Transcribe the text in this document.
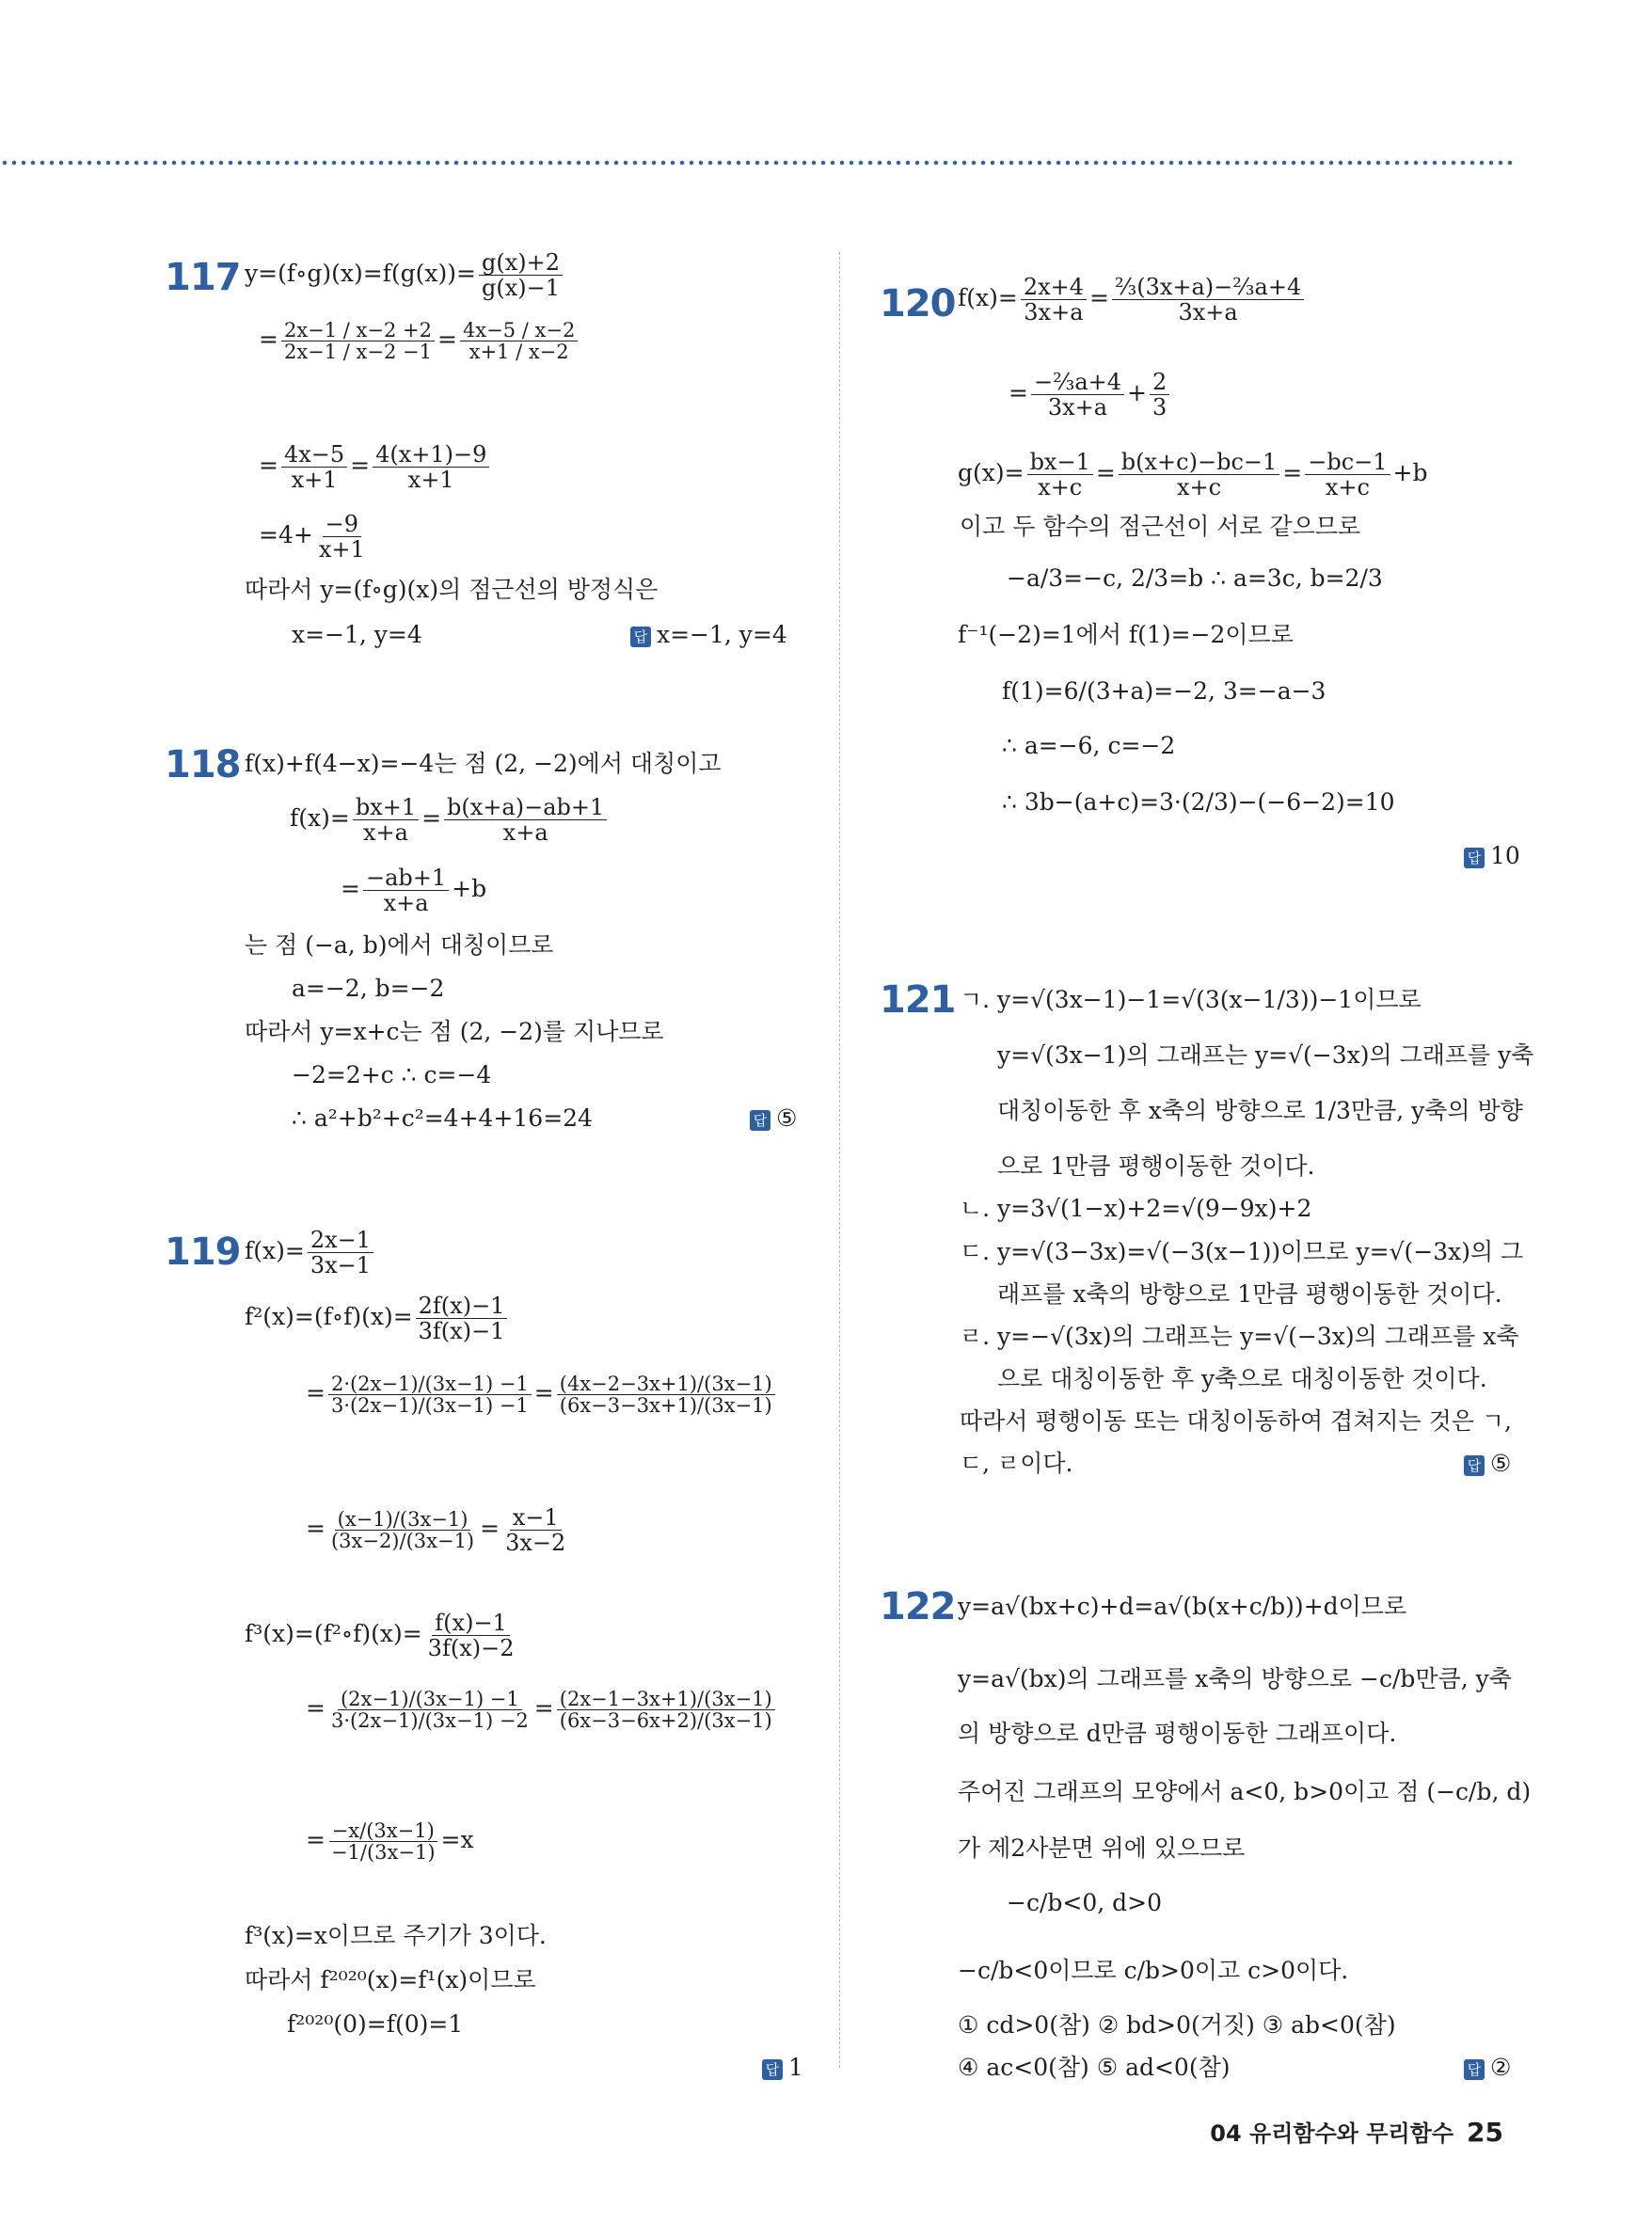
117 y=(f∘g)(x)=f(g(x))= $\frac{g(x)+2}{g(x)-1}$
= $\frac{2x-1 / x-2 +2}{2x-1 / x-2 -1} = \frac{4x-5 / x-2}{x+1 / x-2}$
= $\frac{4x-5}{x+1} = \frac{4(x+1)-9}{x+1}$
$=4+ \frac{-9}{x+1}$
따라서 y=(f∘g)(x)의 점근선의 방정식은
x=−1, y=4	답 x=−1, y=4
118 f(x)+f(4−x)=−4는 점 (2, −2)에서 대칭이고
$f(x)= \frac{bx+1}{x+a} = \frac{b(x+a)-ab+1}{x+a}$
= $\frac{-ab+1}{x+a} +b$
는 점 (−a, b)에서 대칭이므로
a=−2, b=−2
따라서 y=x+c는 점 (2, −2)를 지나므로
−2=2+c ∴ c=−4
∴ a²+b²+c²=4+4+16=24	답 ⑤
119 $f(x)= \frac{2x-1}{3x-1}$
f²(x)=(f∘f)(x)= $\frac{2f(x)-1}{3f(x)-1}$
= $\frac{2\cdot(2x-1)/(3x-1) -1}{3\cdot(2x-1)/(3x-1) -1} = \frac{(4x-2-3x+1)/(3x-1)}{(6x-3-3x+1)/(3x-1)}$
= $\frac{(x-1)/(3x-1)}{(3x-2)/(3x-1)} = \frac{x-1}{3x-2}$
f³(x)=(f²∘f)(x)= $\frac{f(x)-1}{3f(x)-2}$
= $\frac{(2x-1)/(3x-1) -1}{3\cdot(2x-1)/(3x-1) -2} = \frac{(2x-1-3x+1)/(3x-1)}{(6x-3-6x+2)/(3x-1)}$
= $\frac{-x/(3x-1)}{-1/(3x-1)} =x$
f³(x)=x이므로 주기가 3이다.
따라서 f²⁰²⁰(x)=f¹(x)이므로
f²⁰²⁰(0)=f(0)=1
답 1
120 $f(x)= \frac{2x+4}{3x+a} = \frac{\text{⅔(3x+a)−⅔a+4}}{3x+a}$
= $\frac{\text{−⅔a+4}}{3x+a} + \frac{2}{3}$
$g(x)= \frac{bx-1}{x+c} = \frac{b(x+c)-bc-1}{x+c} = \frac{-bc-1}{x+c} +b$
이고 두 함수의 점근선이 서로 같으므로
−a/3=−c, 2/3=b ∴ a=3c, b=2/3
f⁻¹(−2)=1에서 f(1)=−2이므로
f(1)=6/(3+a)=−2, 3=−a−3
∴ a=−6, c=−2
∴ 3b−(a+c)=3·(2/3)−(−6−2)=10
답 10
121 ㄱ. y=√(3x−1)−1=√(3(x−1/3))−1이므로
y=√(3x−1)의 그래프는 y=√(−3x)의 그래프를 y축
대칭이동한 후 x축의 방향으로 1/3만큼, y축의 방향
으로 1만큼 평행이동한 것이다.
ㄴ. y=3√(1−x)+2=√(9−9x)+2
ㄷ. y=√(3−3x)=√(−3(x−1))이므로 y=√(−3x)의 그
래프를 x축의 방향으로 1만큼 평행이동한 것이다.
ㄹ. y=−√(3x)의 그래프는 y=√(−3x)의 그래프를 x축
으로 대칭이동한 후 y축으로 대칭이동한 것이다.
따라서 평행이동 또는 대칭이동하여 겹쳐지는 것은 ㄱ,
ㄷ, ㄹ이다.	답 ⑤
122 y=a√(bx+c)+d=a√(b(x+c/b))+d이므로
y=a√(bx)의 그래프를 x축의 방향으로 −c/b만큼, y축
의 방향으로 d만큼 평행이동한 그래프이다.
주어진 그래프의 모양에서 a<0, b>0이고 점 (−c/b, d)
가 제2사분면 위에 있으므로
−c/b<0, d>0
−c/b<0이므로 c/b>0이고 c>0이다.
① cd>0(참) ② bd>0(거짓) ③ ab<0(참)
④ ac<0(참) ⑤ ad<0(참)	답 ②
04 유리함수와 무리함수 25
